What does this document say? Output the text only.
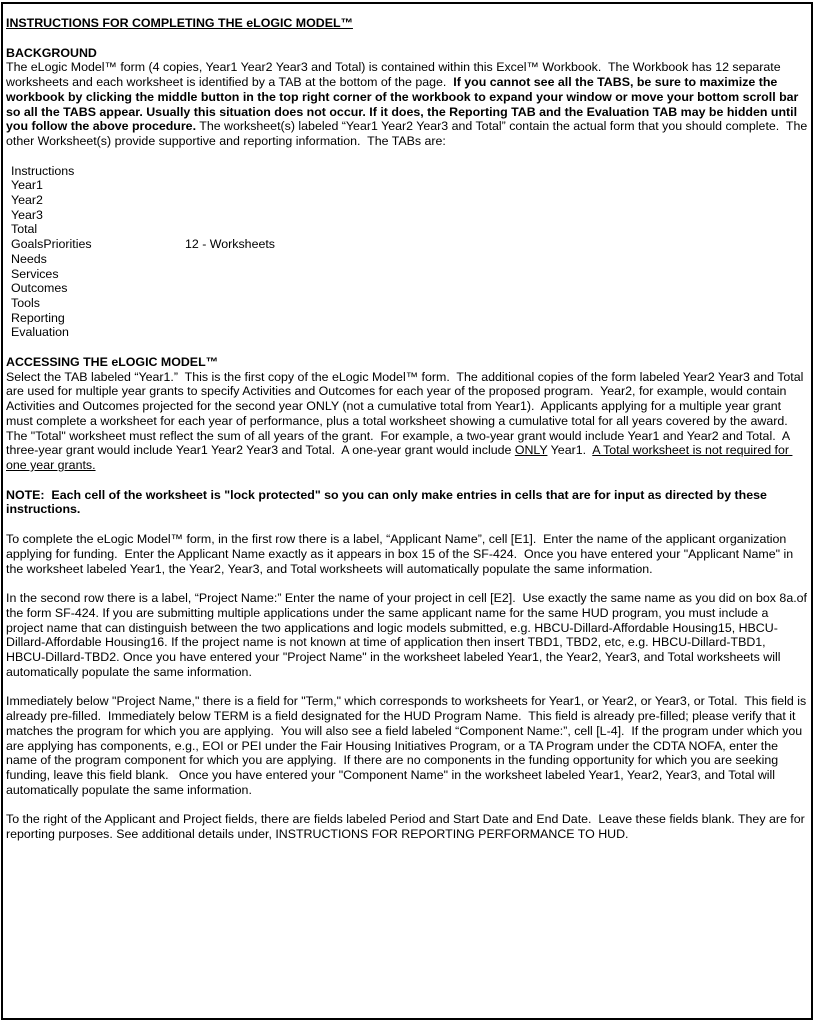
INSTRUCTIONS FOR COMPLETING THE eLOGIC MODEL™
BACKGROUND
The eLogic Model™ form (4 copies, Year1 Year2 Year3 and Total) is contained within this Excel™ Workbook.  The Workbook has 12 separate worksheets and each worksheet is identified by a TAB at the bottom of the page.  If you cannot see all the TABS, be sure to maximize the workbook by clicking the middle button in the top right corner of the workbook to expand your window or move your bottom scroll bar so all the TABS appear. Usually this situation does not occur. If it does, the Reporting TAB and the Evaluation TAB may be hidden until you follow the above procedure. The worksheet(s) labeled “Year1 Year2 Year3 and Total” contain the actual form that you should complete.  The other Worksheet(s) provide supportive and reporting information.  The TABs are:
Instructions
Year1
Year2
Year3
Total
GoalsPriorities	12 - Worksheets
Needs
Services
Outcomes
Tools
Reporting
Evaluation
ACCESSING THE eLOGIC MODEL™
Select the TAB labeled “Year1.”  This is the first copy of the eLogic Model™ form.  The additional copies of the form labeled Year2 Year3 and Total are used for multiple year grants to specify Activities and Outcomes for each year of the proposed program.  Year2, for example, would contain Activities and Outcomes projected for the second year ONLY (not a cumulative total from Year1).  Applicants applying for a multiple year grant must complete a worksheet for each year of performance, plus a total worksheet showing a cumulative total for all years covered by the award.  The "Total" worksheet must reflect the sum of all years of the grant.  For example, a two-year grant would include Year1 and Year2 and Total.  A three-year grant would include Year1 Year2 Year3 and Total.  A one-year grant would include ONLY Year1.  A Total worksheet is not required for one year grants.
NOTE:  Each cell of the worksheet is "lock protected" so you can only make entries in cells that are for input as directed by these instructions.
To complete the eLogic Model™ form, in the first row there is a label, “Applicant Name”, cell [E1].  Enter the name of the applicant organization applying for funding.  Enter the Applicant Name exactly as it appears in box 15 of the SF-424.  Once you have entered your "Applicant Name" in the worksheet labeled Year1, the Year2, Year3, and Total worksheets will automatically populate the same information.
In the second row there is a label, “Project Name:” Enter the name of your project in cell [E2].  Use exactly the same name as you did on box 8a.of the form SF-424. If you are submitting multiple applications under the same applicant name for the same HUD program, you must include a project name that can distinguish between the two applications and logic models submitted, e.g. HBCU-Dillard-Affordable Housing15, HBCU-Dillard-Affordable Housing16. If the project name is not known at time of application then insert TBD1, TBD2, etc, e.g. HBCU-Dillard-TBD1, HBCU-Dillard-TBD2. Once you have entered your "Project Name" in the worksheet labeled Year1, the Year2, Year3, and Total worksheets will automatically populate the same information.
Immediately below "Project Name," there is a field for "Term," which corresponds to worksheets for Year1, or Year2, or Year3, or Total.  This field is already pre-filled.  Immediately below TERM is a field designated for the HUD Program Name.  This field is already pre-filled; please verify that it matches the program for which you are applying.  You will also see a field labeled “Component Name:”, cell [L-4].  If the program under which you are applying has components, e.g., EOI or PEI under the Fair Housing Initiatives Program, or a TA Program under the CDTA NOFA, enter the name of the program component for which you are applying.  If there are no components in the funding opportunity for which you are seeking funding, leave this field blank.   Once you have entered your "Component Name" in the worksheet labeled Year1, Year2, Year3, and Total will automatically populate the same information.
To the right of the Applicant and Project fields, there are fields labeled Period and Start Date and End Date.  Leave these fields blank. They are for reporting purposes. See additional details under, INSTRUCTIONS FOR REPORTING PERFORMANCE TO HUD.
